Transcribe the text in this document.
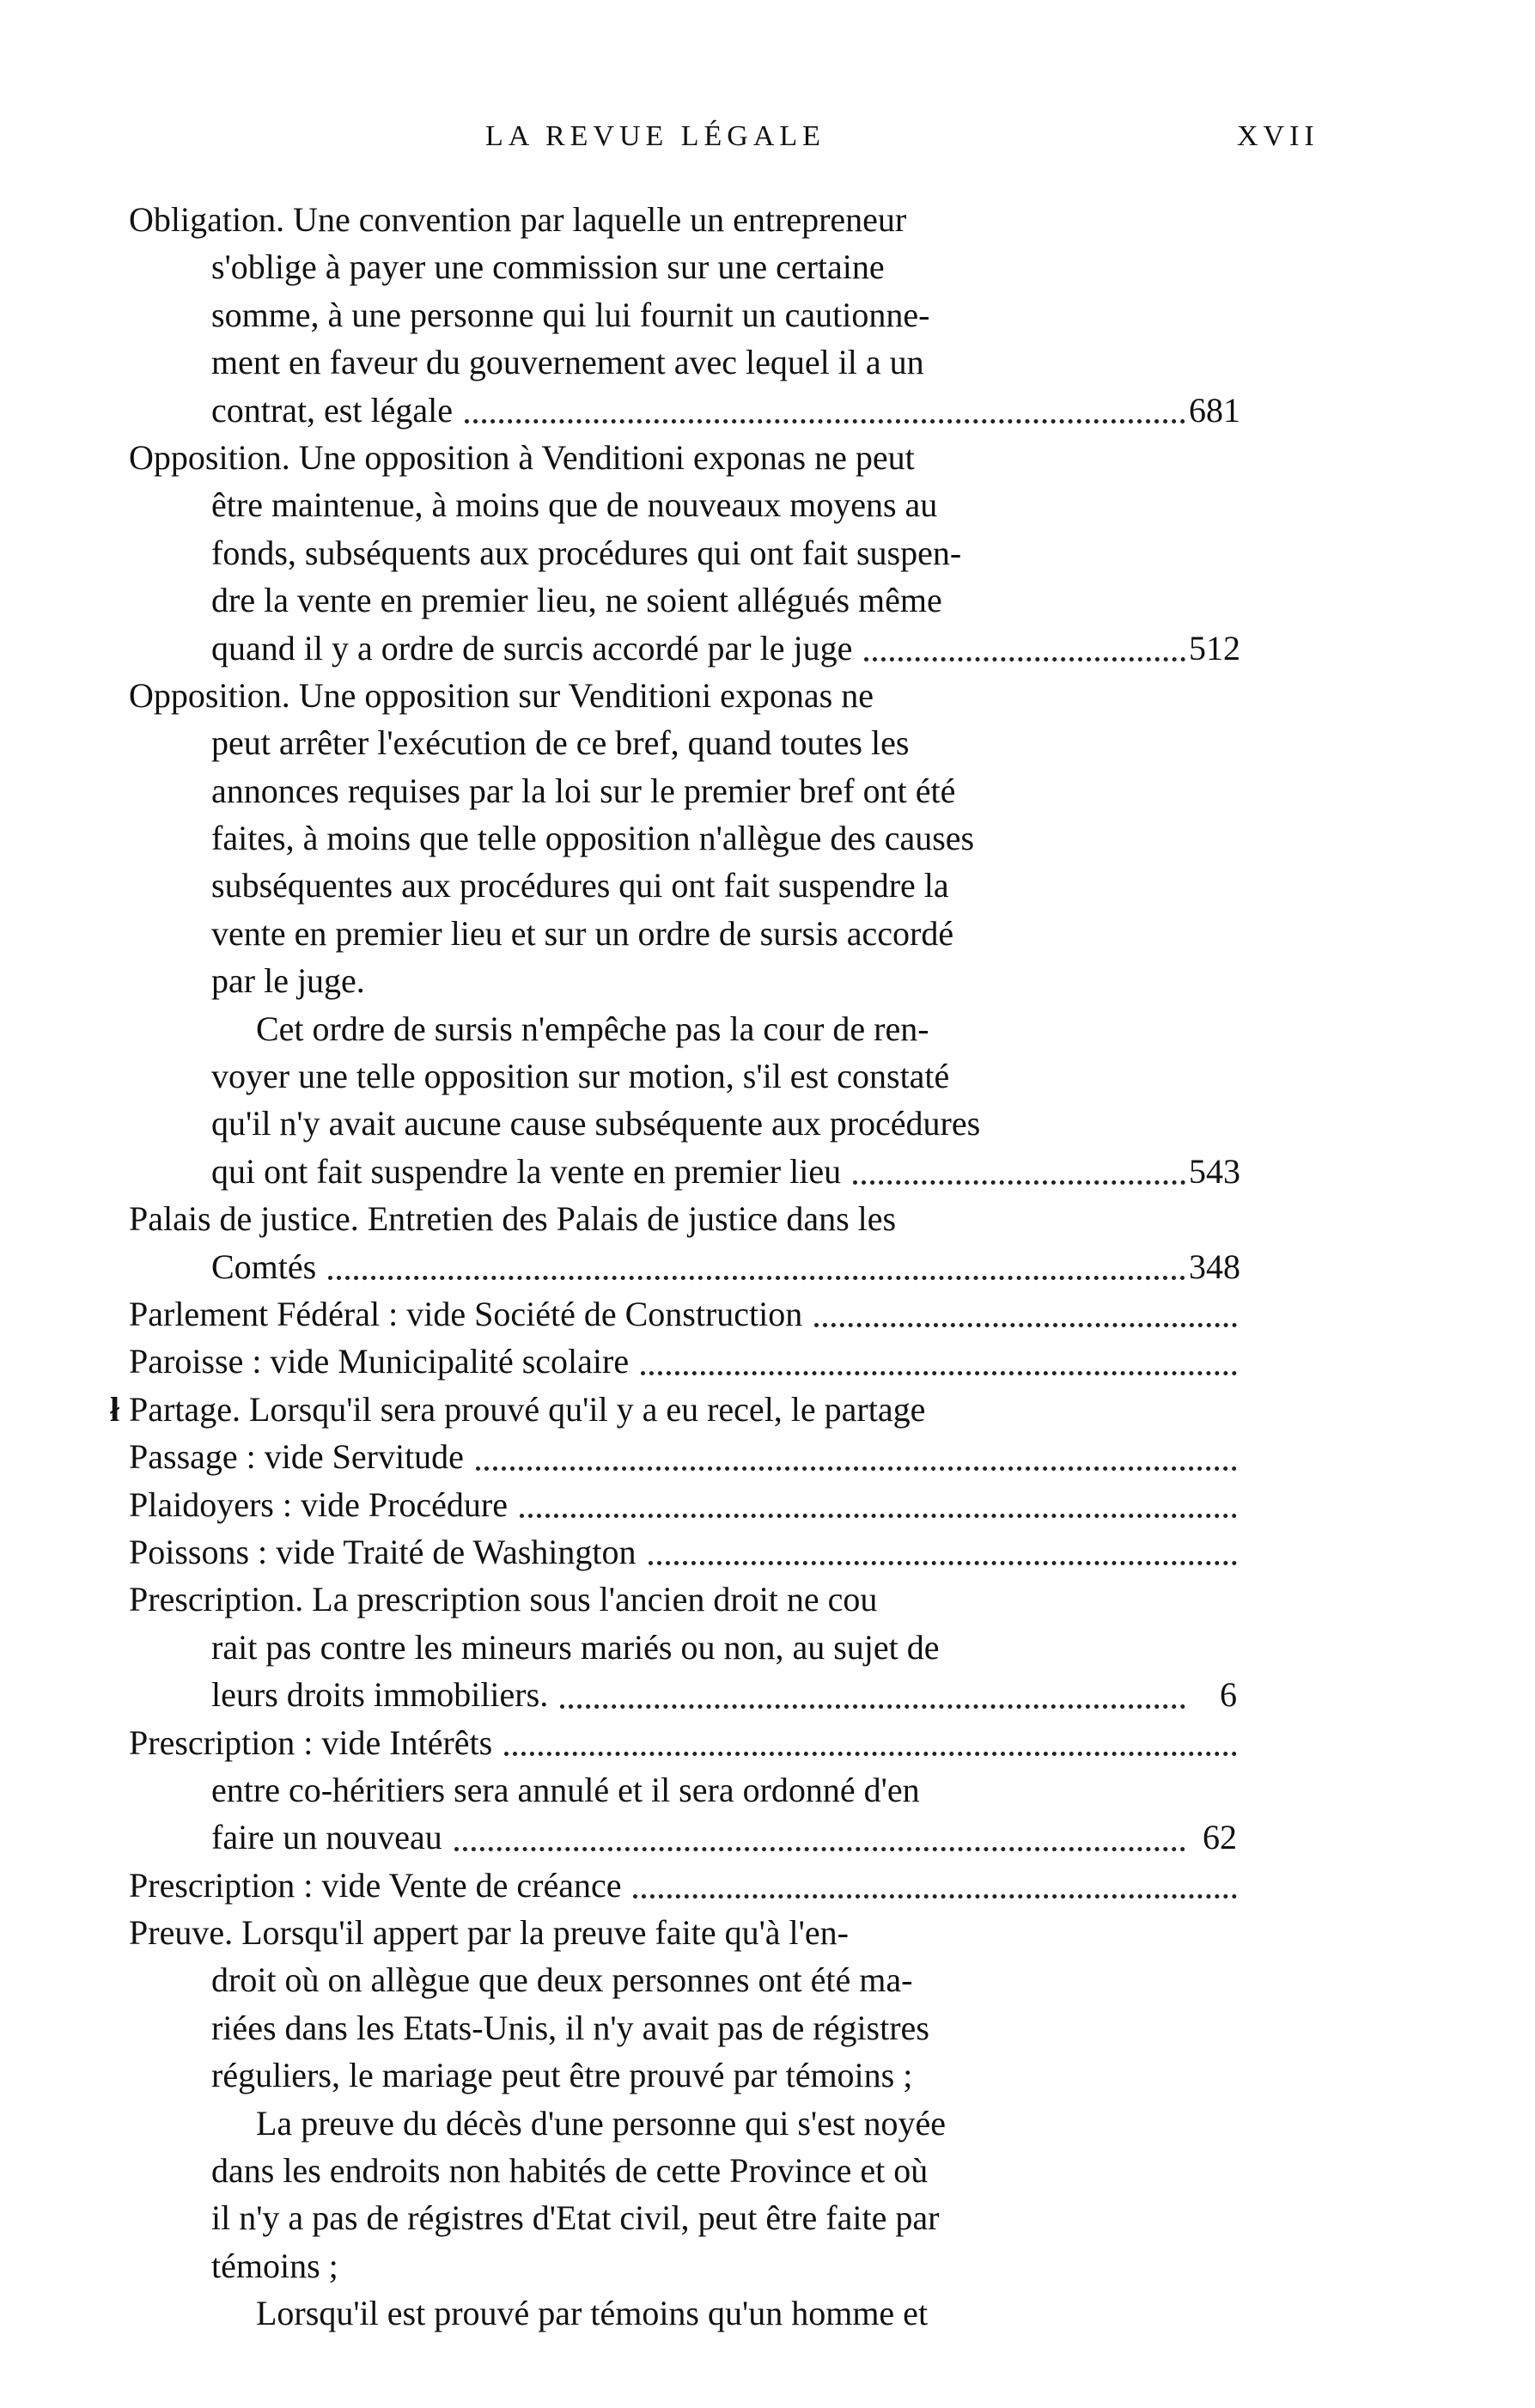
LA REVUE LÉGALE	XVII
Obligation. Une convention par laquelle un entrepreneur
s'oblige à payer une commission sur une certaine
somme, à une personne qui lui fournit un cautionne-
ment en faveur du gouvernement avec lequel il a un
contrat, est légale	681
Opposition. Une opposition à Venditioni exponas ne peut
être maintenue, à moins que de nouveaux moyens au
fonds, subséquents aux procédures qui ont fait suspen-
dre la vente en premier lieu, ne soient allégués même
quand il y a ordre de surcis accordé par le juge	512
Opposition. Une opposition sur Venditioni exponas ne
peut arrêter l'exécution de ce bref, quand toutes les
annonces requises par la loi sur le premier bref ont été
faites, à moins que telle opposition n'allègue des causes
subséquentes aux procédures qui ont fait suspendre la
vente en premier lieu et sur un ordre de sursis accordé
par le juge.
Cet ordre de sursis n'empêche pas la cour de ren-
voyer une telle opposition sur motion, s'il est constaté
qu'il n'y avait aucune cause subséquente aux procédures
qui ont fait suspendre la vente en premier lieu	543
Palais de justice. Entretien des Palais de justice dans les
Comtés	348
Parlement Fédéral : vide Société de Construction
Paroisse : vide Municipalité scolaire
ł Partage. Lorsqu'il sera prouvé qu'il y a eu recel, le partage
Passage : vide Servitude
Plaidoyers : vide Procédure
Poissons : vide Traité de Washington
Prescription. La prescription sous l'ancien droit ne cou
rait pas contre les mineurs mariés ou non, au sujet de
leurs droits immobiliers.	6
Prescription : vide Intérêts
entre co-héritiers sera annulé et il sera ordonné d'en
faire un nouveau	62
Prescription : vide Vente de créance
Preuve. Lorsqu'il appert par la preuve faite qu'à l'en-
droit où on allègue que deux personnes ont été ma-
riées dans les Etats-Unis, il n'y avait pas de régistres
réguliers, le mariage peut être prouvé par témoins ;
La preuve du décès d'une personne qui s'est noyée
dans les endroits non habités de cette Province et où
il n'y a pas de régistres d'Etat civil, peut être faite par
témoins ;
Lorsqu'il est prouvé par témoins qu'un homme et
